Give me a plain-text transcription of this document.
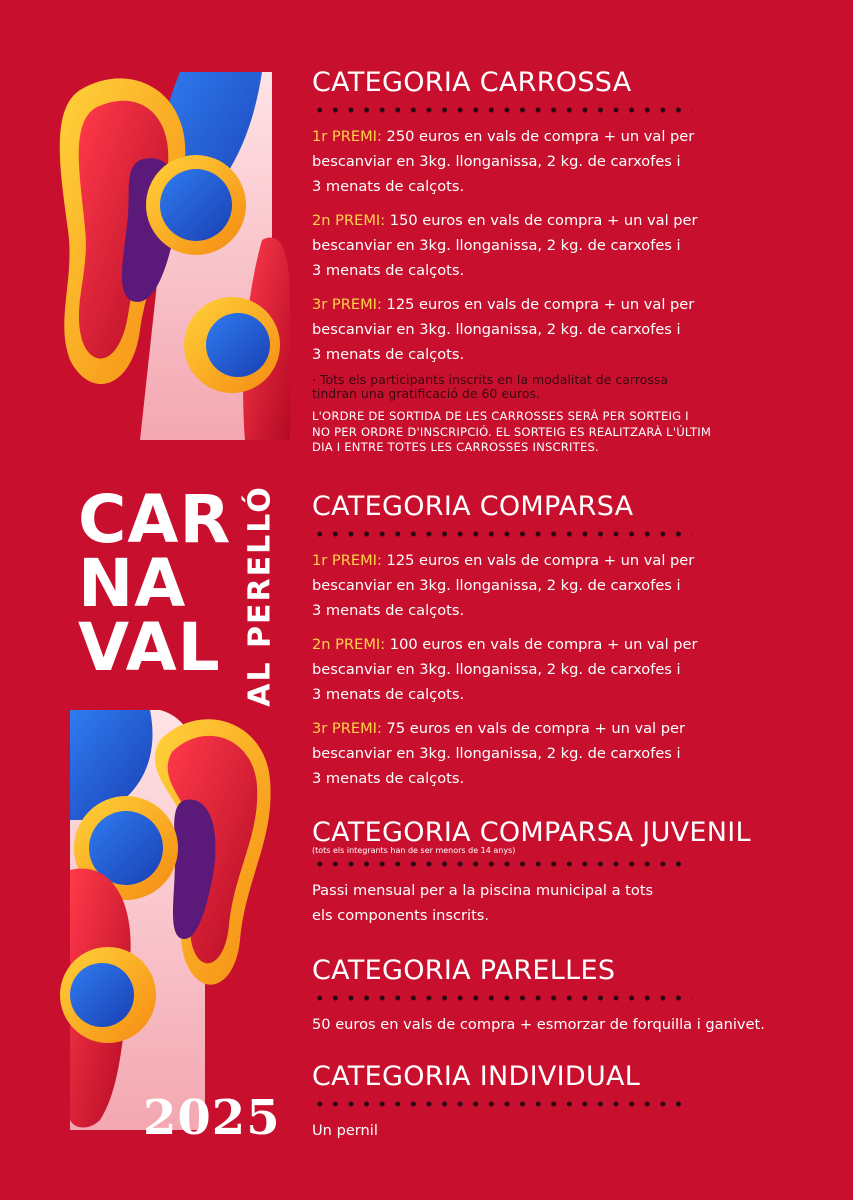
CAR
NA
VAL AL PERELLÓ
2025
CATEGORIA CARROSSA
1r PREMI: 250 euros en vals de compra + un val per
bescanviar en 3kg. llonganissa, 2 kg. de carxofes i
3 menats de calçots.
2n PREMI: 150 euros en vals de compra + un val per
bescanviar en 3kg. llonganissa, 2 kg. de carxofes i
3 menats de calçots.
3r PREMI: 125 euros en vals de compra + un val per
bescanviar en 3kg. llonganissa, 2 kg. de carxofes i
3 menats de calçots.
· Tots els participants inscrits en la modalitat de carrossa
tindran una gratificació de 60 euros.
L'ORDRE DE SORTIDA DE LES CARROSSES SERÀ PER SORTEIG I
NO PER ORDRE D'INSCRIPCIÓ. EL SORTEIG ES REALITZARÀ L'ÚLTIM
DIA I ENTRE TOTES LES CARROSSES INSCRITES.
CATEGORIA COMPARSA
1r PREMI: 125 euros en vals de compra + un val per
bescanviar en 3kg. llonganissa, 2 kg. de carxofes i
3 menats de calçots.
2n PREMI: 100 euros en vals de compra + un val per
bescanviar en 3kg. llonganissa, 2 kg. de carxofes i
3 menats de calçots.
3r PREMI: 75 euros en vals de compra + un val per
bescanviar en 3kg. llonganissa, 2 kg. de carxofes i
3 menats de calçots.
CATEGORIA COMPARSA JUVENIL
(tots els integrants han de ser menors de 14 anys)
Passi mensual per a la piscina municipal a tots
els components inscrits.
CATEGORIA PARELLES
50 euros en vals de compra + esmorzar de forquilla i ganivet.
CATEGORIA INDIVIDUAL
Un pernil
